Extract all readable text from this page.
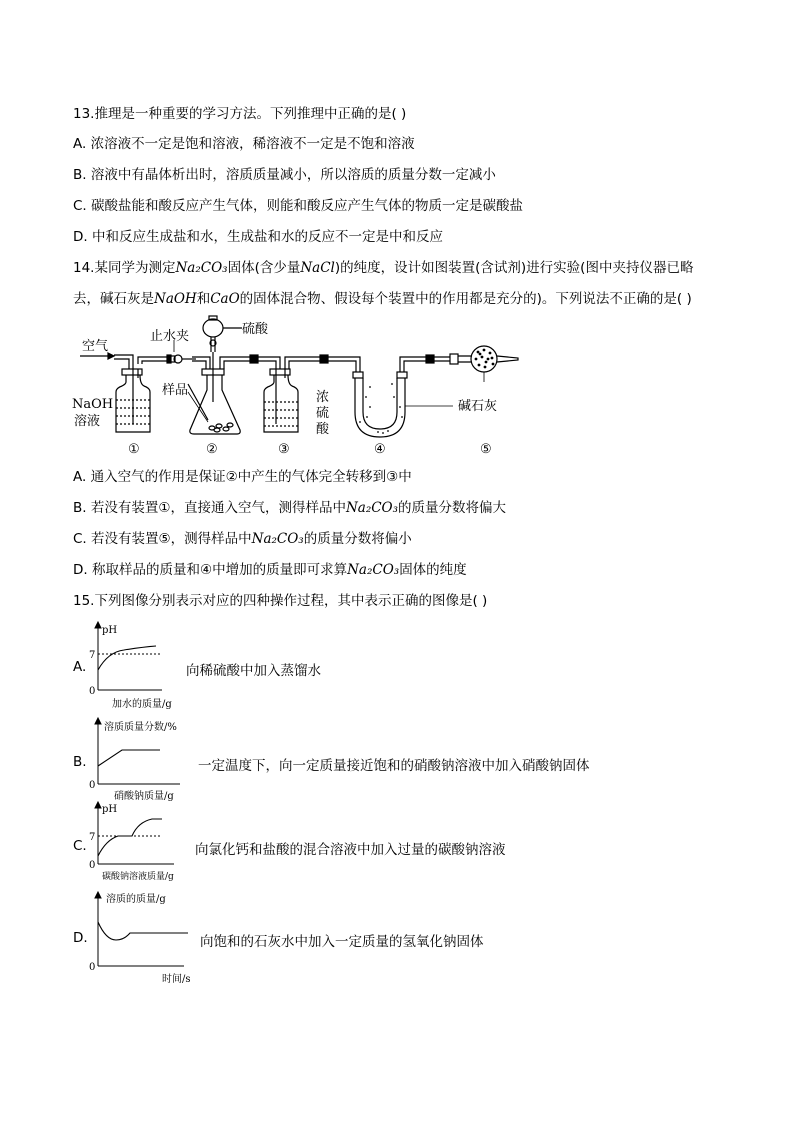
13.推理是一种重要的学习方法。下列推理中正确的是( )
A. 浓溶液不一定是饱和溶液，稀溶液不一定是不饱和溶液
B. 溶液中有晶体析出时，溶质质量减小，所以溶质的质量分数一定减小
C. 碳酸盐能和酸反应产生气体，则能和酸反应产生气体的物质一定是碳酸盐
D. 中和反应生成盐和水，生成盐和水的反应不一定是中和反应
14.某同学为测定Na₂CO₃固体(含少量NaCl)的纯度，设计如图装置(含试剂)进行实验(图中夹持仪器已略
去，碱石灰是NaOH和CaO的固体混合物、假设每个装置中的作用都是充分的)。下列说法不正确的是( )
空气
止水夹	硫酸
NaOH
溶液
样品	浓
硫
酸
碱石灰
①	②	③	④	⑤
A. 通入空气的作用是保证②中产生的气体完全转移到③中
B. 若没有装置①，直接通入空气，测得样品中Na₂CO₃的质量分数将偏大
C. 若没有装置⑤，测得样品中Na₂CO₃的质量分数将偏小
D. 称取样品的质量和④中增加的质量即可求算Na₂CO₃固体的纯度
15.下列图像分别表示对应的四种操作过程，其中表示正确的图像是( )
A.
pH
7
0
加水的质量/g
向稀硫酸中加入蒸馏水
B.
溶质质量分数/%
0
硝酸钠质量/g
一定温度下，向一定质量接近饱和的硝酸钠溶液中加入硝酸钠固体
C.
pH
7
0
碳酸钠溶液质量/g
向氯化钙和盐酸的混合溶液中加入过量的碳酸钠溶液
D.
溶质的质量/g
0
时间/s
向饱和的石灰水中加入一定质量的氢氧化钠固体
